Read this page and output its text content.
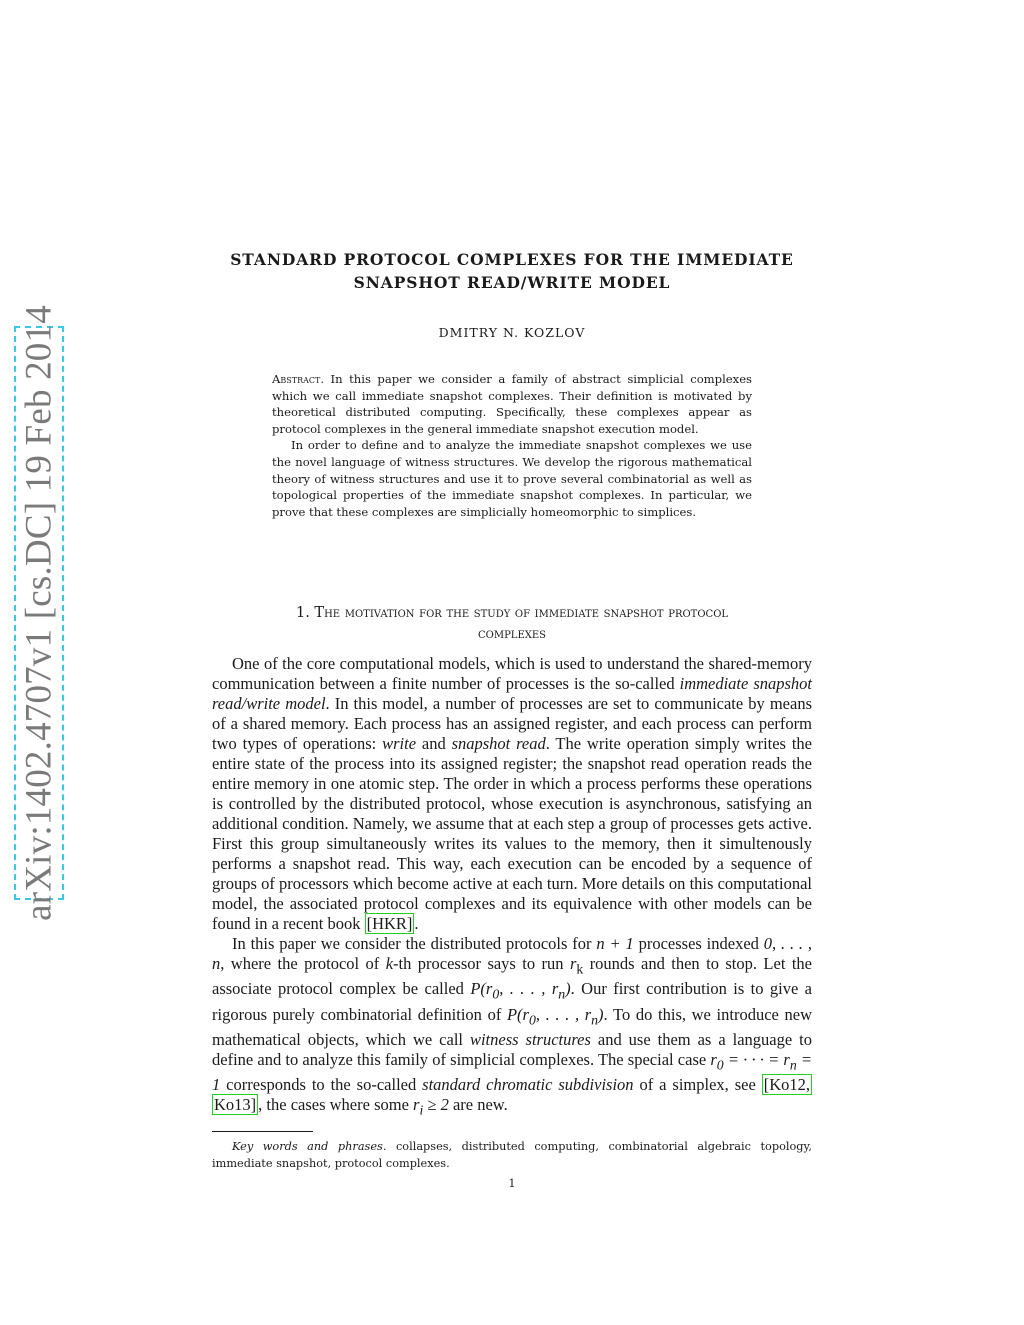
arXiv:1402.4707v1 [cs.DC] 19 Feb 2014
STANDARD PROTOCOL COMPLEXES FOR THE IMMEDIATE
SNAPSHOT READ/WRITE MODEL
DMITRY N. KOZLOV

Abstract. In this paper we consider a family of abstract simplicial complexes which we call immediate snapshot complexes. Their definition is motivated by theoretical distributed computing. Specifically, these complexes appear as protocol complexes in the general immediate snapshot execution model.

In order to define and to analyze the immediate snapshot complexes we use the novel language of witness structures. We develop the rigorous mathematical theory of witness structures and use it to prove several combinatorial as well as topological properties of the immediate snapshot complexes. In particular, we prove that these complexes are simplicially homeomorphic to simplices.

1. The motivation for the study of immediate snapshot protocol
complexes

One of the core computational models, which is used to understand the shared-memory communication between a finite number of processes is the so-called immediate snapshot read/write model. In this model, a number of processes are set to communicate by means of a shared memory. Each process has an assigned register, and each process can perform two types of operations: write and snapshot read. The write operation simply writes the entire state of the process into its assigned register; the snapshot read operation reads the entire memory in one atomic step. The order in which a process performs these operations is controlled by the distributed protocol, whose execution is asynchronous, satisfying an additional condition. Namely, we assume that at each step a group of processes gets active. First this group simultaneously writes its values to the memory, then it simultenously performs a snapshot read. This way, each execution can be encoded by a sequence of groups of processors which become active at each turn. More details on this computational model, the associated protocol complexes and its equivalence with other models can be found in a recent book [HKR] .

In this paper we consider the distributed protocols for n + 1 processes indexed 0, . . . , n, where the protocol of k-th processor says to run $r_k$ rounds and then to stop. Let the associate protocol complex be called $P(r_0$, . . . , $r_n$). Our first contribution is to give a rigorous purely combinatorial definition of $P(r_0$, . . . , $r_n$). To do this, we introduce new mathematical objects, which we call witness structures and use them as a language to define and to analyze this family of simplicial complexes. The special case $r_0$ = · · · = $r_n = 1$ corresponds to the so-called standard chromatic subdivision of a simplex, see [Ko12, Ko13] , the cases where some $r_i \ge 2$ are new.

Key words and phrases. collapses, distributed computing, combinatorial algebraic topology, immediate snapshot, protocol complexes.

1
